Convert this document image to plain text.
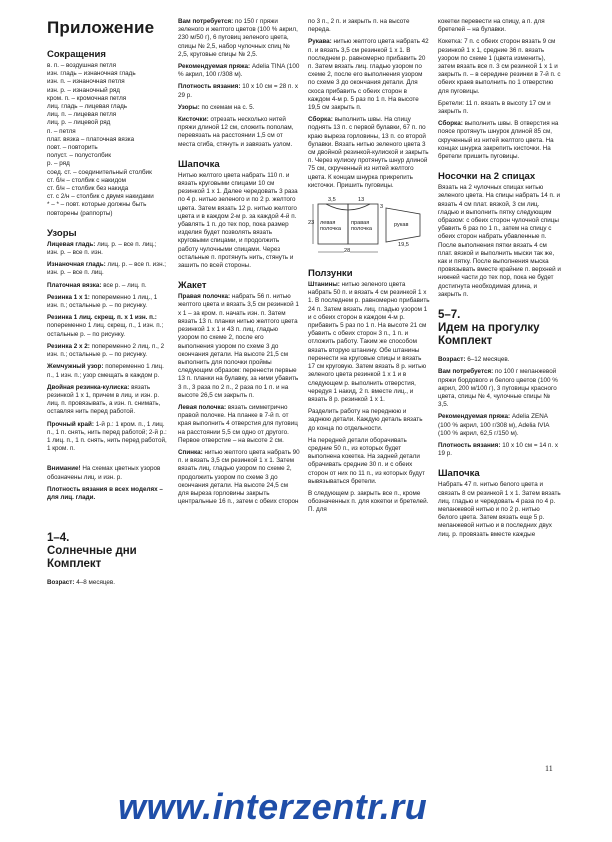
Приложение
Сокращения
в. п. – воздушная петля
изн. гладь – изнаночная гладь
изн. п. – изнаночная петля
изн. р. – изнаночный ряд
кром. п. – кромочная петля
лиц. гладь – лицевая гладь
лиц. п. – лицевая петля
лиц. р. – лицевой ряд
п. – петля
плат. вязка – платочная вязка
повт. – повторить
полуст. – полустолбик
р. – ряд
соед. ст. – соединительный столбик
ст. б/н – столбик с накидом
ст. б/н – столбик без накида
ст. с 2/н – столбик с двумя накидами
* – * – повт. которые должны быть повторены (раппорты)
Узоры

Лицевая гладь: лиц. р. – все п. лиц.; изн. р. – все п. изн.

Изнаночная гладь: лиц. р. – все п. изн.; изн. р. – все п. лиц.

Платочная вязка: все р. – лиц. п.

Резинка 1 х 1: попеременно 1 лиц., 1 изн. п.; остальные р. – по рисунку.

Резинка 1 лиц. скрещ. п. х 1 изн. п.: попеременно 1 лиц. скрещ. п., 1 изн. п.; остальные р. – по рисунку.

Резинка 2 х 2: попеременно 2 лиц. п., 2 изн. п.; остальные р. – по рисунку.

Жемчужный узор: попеременно 1 лиц. п., 1 изн. п.; узор смещать в каждом р.

Двойная резинка-кулиска: вязать резинкой 1 х 1, причем в лиц. и изн. р. лиц. п. провязывать, а изн. п. снимать, оставляя нить перед работой.

Прочный край: 1-й р.: 1 кром. п., 1 лиц. п., 1 п. снять, нить перед работой; 2-й р.: 1 лиц. п., 1 п. снять, нить перед работой, 1 кром. п.

Внимание! На схемах цветных узоров обозначены лиц. и изн. р.

Плотность вязания в всех моделях – для лиц. глади.

1–4.
Солнечные дни Комплект

Возраст: 4–8 месяцев.

Вам потребуется: по 150 г пряжи зеленого и желтого цветов (100 % акрил, 230 м/50 г), 6 пуговиц зеленого цвета, спицы № 2,5, набор чулочных спиц № 2,5, круговые спицы № 2,5.

Рекомендуемая пряжа: Adelia TINA (100 % акрил, 100 г/308 м).

Плотность вязания: 10 х 10 см = 28 п. х 29 р.

Узоры: по схемам на с. 5.

Кисточки: отрезать несколько нитей пряжи длиной 12 см, сложить пополам, перевязать на расстоянии 1,5 см от места сгиба, стянуть и завязать узлом.

Шапочка

Нитью желтого цвета набрать 110 п. и вязать круговыми спицами 10 см резинкой 1 х 1. Далее чередовать 3 раза по 4 р. нитью зеленого и по 2 р. желтого цвета. Затем вязать 12 р. нитью желтого цвета и в каждом 2-м р. за каждой 4-й п. убавлять 1 п. до тех пор, пока размер изделия будет позволять вязать круговыми спицами, и продолжить работу чулочными спицами. Через остальные п. протянуть нить, стянуть и зашить по всей стороны.

Жакет

Правая полочка: набрать 56 п. нитью желтого цвета и вязать 3,5 см резинкой 1 х 1 – за кром. п. начать изн. п. Затем вязать 13 п. планки нитью желтого цвета резинкой 1 х 1 и 43 п. лиц. гладью узором по схеме 2, после его выполнения узором по схеме 3 до окончания детали. На высоте 21,5 см выполнить для полочки проймы следующим образом: перенести первые 13 п. планки на булавку, за ними убавить 3 п., 3 раза по 2 п., 2 раза по 1 п. и на высоте 26,5 см закрыть п.

Левая полочка: вязать симметрично правой полочке. На планке в 7-й п. от края выполнить 4 отверстия для пуговиц на расстоянии 5,5 см одно от другого. Первое отверстие – на высоте 2 см.

Спинка: нитью желтого цвета набрать 90 п. и вязать 3,5 см резинкой 1 х 1. Затем вязать лиц. гладью узором по схеме 2, продолжить узором по схеме 3 до окончания детали. На высоте 24,5 см для выреза горловины закрыть центральные 16 п., затем с обеих сторон

по 3 п., 2 п. и закрыть п. на высоте переда.

Рукава: нитью желтого цвета набрать 42 п. и вязать 3,5 см резинкой 1 х 1. В последнем р. равномерно прибавить 20 п. Затем вязать лиц. гладью узором по схеме 2, после его выполнения узором по схеме 3 до окончания детали. Для скоса прибавить с обеих сторон в каждом 4-м р. 5 раз по 1 п. На высоте 19,5 см закрыть п.

Сборка: выполнить швы. На спицу поднять 13 п. с первой булавки, 67 п. по краю выреза горловины, 13 п. со второй булавки. Вязать нитью зеленого цвета 3 см двойной резинкой-кулиской и закрыть п. Через кулиску протянуть шнур длиной 75 см, скрученный из нитей желтого цвета. К концам шнурка прикрепить кисточки. Пришить пуговицы.

23 левая полочка
правая полочка
рукав
3,5	13
28
19,5
3
Ползунки

Штанины: нитью зеленого цвета набрать 50 п. и вязать 4 см резинкой 1 х 1. В последнем р. равномерно прибавить 24 п. Затем вязать лиц. гладью узором 1 и с обеих сторон в каждом 4-м р. прибавить 5 раз по 1 п. На высоте 21 см убавить с обеих сторон 3 п., 1 п. и отложить работу. Таким же способом вязать вторую штанину. Обе штанины перенести на круговые спицы и вязать 17 см круговую. Затем вязать 8 р. нитью зеленого цвета резинкой 1 х 1 и в следующем р. выполнить отверстия, чередуя 1 накид, 2 п. вместе лиц., и вязать 8 р. резинкой 1 х 1.

Разделить работу на переднюю и заднюю детали. Каждую деталь вязать до конца по отдельности.

На передней детали оборачивать средние 50 п., из которых будет выполнена кокетка. На задней детали обрачивать средние 30 п. и с обеих сторон от них по 11 п., из которых будут вывязываться бретели.

В следующем р. закрыть все п., кроме обозначенных п. для кокетки и бретелей. П. для

кокетки перевести на спицу, а п. для бретелей – на булавки.

Кокетка: 7 п. с обеих сторон вязать 9 см резинкой 1 х 1, средние 36 п. вязать узором по схеме 1 (цвета изменить), затем вязать все п. 3 см резинкой 1 х 1 и закрыть п. – в середине резинки в 7-й п. с обеих краев выполнить по 1 отверстию для пуговицы.

Бретели: 11 п. вязать в высоту 17 см и закрыть п.

Сборка: выполнить швы. В отверстия на поясе протянуть шнурок длиной 85 см, скрученный из нитей желтого цвета. На концах шнурка закрепить кисточки. На бретели пришить пуговицы.

Носочки на 2 спицах

Вязать на 2 чулочных спицах нитью зеленого цвета. На спицы набрать 14 п. и вязать 4 см плат. вязкой, 3 см лиц. гладью и выполнить пятку следующим образом: с обеих сторон чулочной спицы убавить 6 раз по 1 п., затем на спицу с обеих сторон набрать убавленные п. После выполнения пятки вязать 4 см плат. вязкой и выполнить мыски так же, как и пятку. После выполнения мыска провязывать вместе крайние п. верхней и нижней части до тех пор, пока не будет достигнута необходимая длина, и закрыть п.

5–7.
Идем на прогулку Комплект

Возраст: 6–12 месяцев.

Вам потребуется: по 100 г меланжевой пряжи бордового и белого цветов (100 % акрил, 200 м/100 г), 3 пуговицы красного цвета, спицы № 4, чулочные спицы № 3,5.

Рекомендуемая пряжа: Adelia ZENA (100 % акрил, 100 г/308 м), Adelia IVIA (100 % акрил, 62,5 г/150 м).

Плотность вязания: 10 х 10 см = 14 п. х 19 р.

Шапочка

Набрать 47 п. нитью белого цвета и связать 8 см резинкой 1 х 1. Затем вязать лиц. гладью и чередовать 4 раза по 4 р. меланжевой нитью и по 2 р. нитью белого цвета. Затем вязать еще 5 р. меланжевой нитью и в последних двух лиц. р. провязать вместе каждые

11
www.interzentr.ru
